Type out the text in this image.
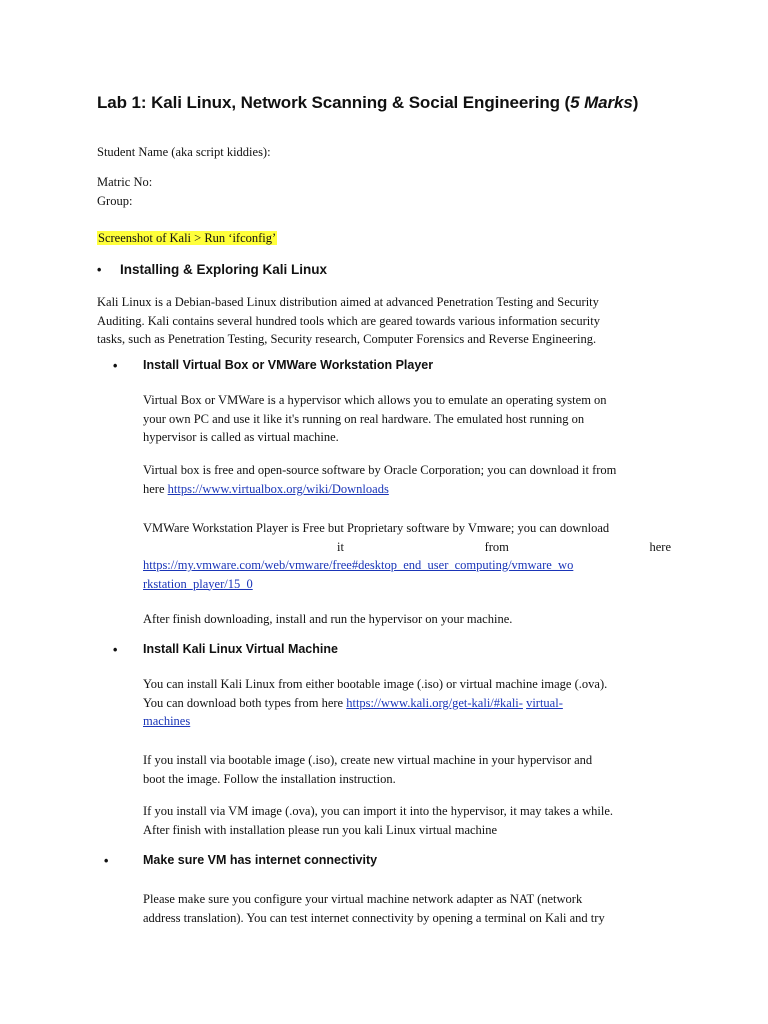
Lab 1: Kali Linux, Network Scanning & Social Engineering (5 Marks)
Student Name (aka script kiddies):
Matric No:
Group:
Screenshot of Kali > Run ‘ifconfig’
• Installing & Exploring Kali Linux
Kali Linux is a Debian-based Linux distribution aimed at advanced Penetration Testing and Security
Auditing. Kali contains several hundred tools which are geared towards various information security
tasks, such as Penetration Testing, Security research, Computer Forensics and Reverse Engineering.
• Install Virtual Box or VMWare Workstation Player
Virtual Box or VMWare is a hypervisor which allows you to emulate an operating system on
your own PC and use it like it's running on real hardware. The emulated host running on
hypervisor is called as virtual machine.
Virtual box is free and open-source software by Oracle Corporation; you can download it from
here https://www.virtualbox.org/wiki/Downloads
VMWare Workstation Player is Free but Proprietary software by Vmware; you can download
it	from	here
https://my.vmware.com/web/vmware/free#desktop_end_user_computing/vmware_wo
rkstation_player/15_0
After finish downloading, install and run the hypervisor on your machine.
• Install Kali Linux Virtual Machine
You can install Kali Linux from either bootable image (.iso) or virtual machine image (.ova).
You can download both types from here https://www.kali.org/get-kali/#kali- virtual-
machines
If you install via bootable image (.iso), create new virtual machine in your hypervisor and
boot the image. Follow the installation instruction.
If you install via VM image (.ova), you can import it into the hypervisor, it may takes a while.
After finish with installation please run you kali Linux virtual machine
•	Make sure VM has internet connectivity
Please make sure you configure your virtual machine network adapter as NAT (network
address translation). You can test internet connectivity by opening a terminal on Kali and try
